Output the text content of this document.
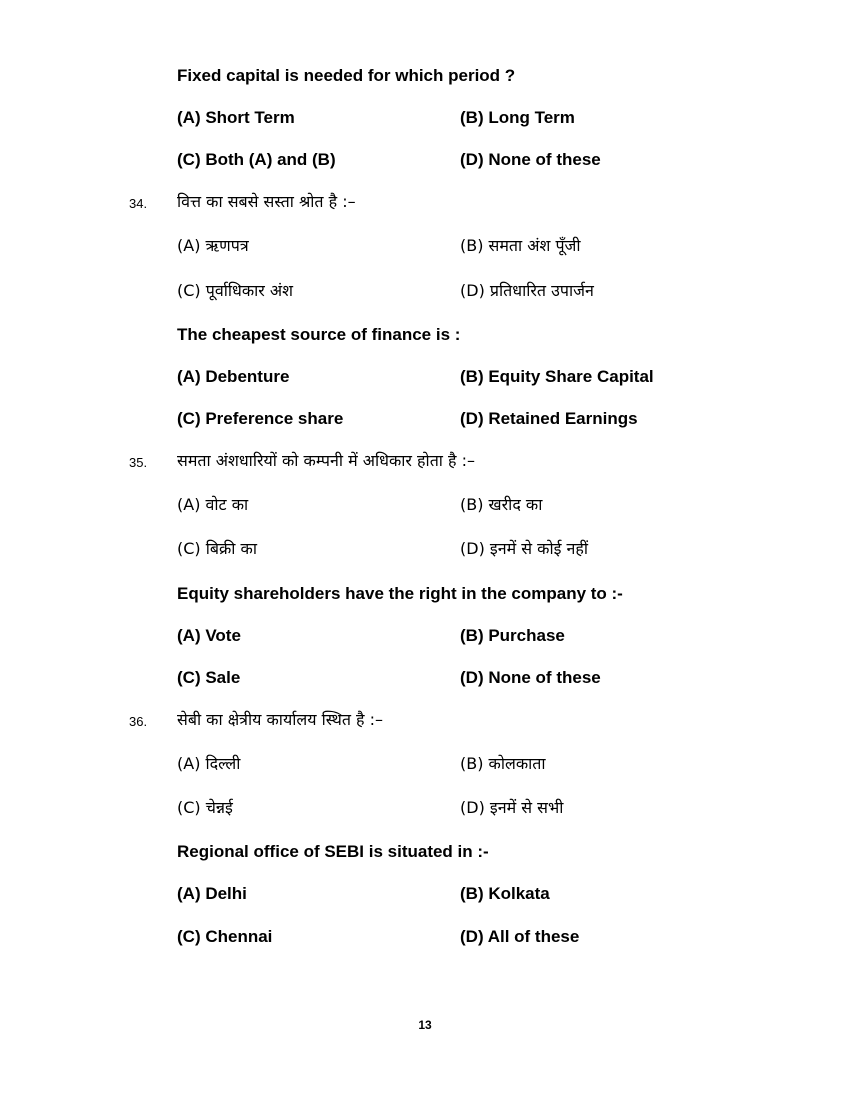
Fixed capital is needed for which period ?
(A) Short Term	(B) Long Term
(C) Both (A) and (B)	(D) None of these
34. वित्त का सबसे सस्ता श्रोत है :–
(A) ऋणपत्र	(B) समता अंश पूँजी
(C) पूर्वाधिकार अंश	(D) प्रतिधारित उपार्जन
The cheapest source of finance is :
(A) Debenture	(B) Equity Share Capital
(C) Preference share	(D) Retained Earnings
35. समता अंशधारियों को कम्पनी में अधिकार होता है :–
(A) वोट का	(B) खरीद का
(C) बिक्री का	(D) इनमें से कोई नहीं
Equity shareholders have the right in the company to :-
(A) Vote	(B) Purchase
(C) Sale	(D) None of these
36. सेबी का क्षेत्रीय कार्यालय स्थित है :–
(A) दिल्ली	(B) कोलकाता
(C) चेन्नई	(D) इनमें से सभी
Regional office of SEBI is situated in :-
(A) Delhi	(B) Kolkata
(C) Chennai	(D) All of these
13
